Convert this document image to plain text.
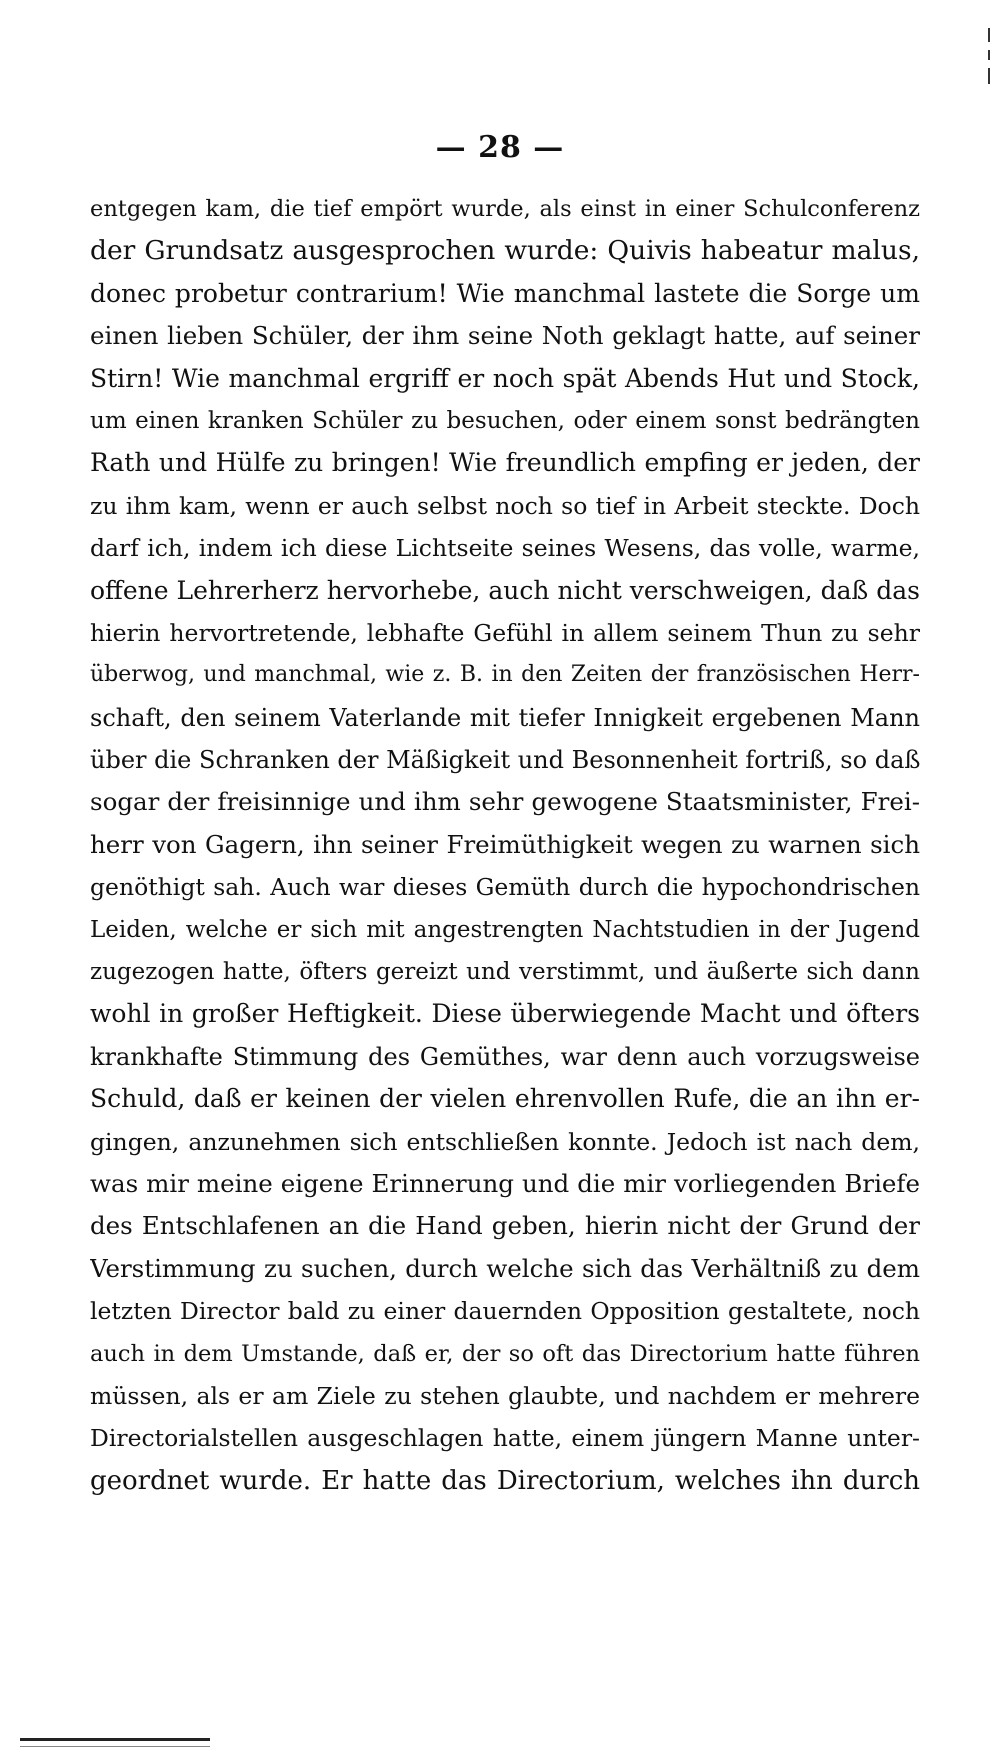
— 28 —
entgegen kam, die tief empört wurde, als einst in einer Schulconferenz
der Grundsatz ausgesprochen wurde: Quivis habeatur malus,
donec probetur contrarium! Wie manchmal lastete die Sorge um
einen lieben Schüler, der ihm seine Noth geklagt hatte, auf seiner
Stirn! Wie manchmal ergriff er noch spät Abends Hut und Stock,
um einen kranken Schüler zu besuchen, oder einem sonst bedrängten
Rath und Hülfe zu bringen! Wie freundlich empfing er jeden, der
zu ihm kam, wenn er auch selbst noch so tief in Arbeit steckte. Doch
darf ich, indem ich diese Lichtseite seines Wesens, das volle, warme,
offene Lehrerherz hervorhebe, auch nicht verschweigen, daß das
hierin hervortretende, lebhafte Gefühl in allem seinem Thun zu sehr
überwog, und manchmal, wie z. B. in den Zeiten der französischen Herr-
schaft, den seinem Vaterlande mit tiefer Innigkeit ergebenen Mann
über die Schranken der Mäßigkeit und Besonnenheit fortriß, so daß
sogar der freisinnige und ihm sehr gewogene Staatsminister, Frei-
herr von Gagern, ihn seiner Freimüthigkeit wegen zu warnen sich
genöthigt sah. Auch war dieses Gemüth durch die hypochondrischen
Leiden, welche er sich mit angestrengten Nachtstudien in der Jugend
zugezogen hatte, öfters gereizt und verstimmt, und äußerte sich dann
wohl in großer Heftigkeit. Diese überwiegende Macht und öfters
krankhafte Stimmung des Gemüthes, war denn auch vorzugsweise
Schuld, daß er keinen der vielen ehrenvollen Rufe, die an ihn er-
gingen, anzunehmen sich entschließen konnte. Jedoch ist nach dem,
was mir meine eigene Erinnerung und die mir vorliegenden Briefe
des Entschlafenen an die Hand geben, hierin nicht der Grund der
Verstimmung zu suchen, durch welche sich das Verhältniß zu dem
letzten Director bald zu einer dauernden Opposition gestaltete, noch
auch in dem Umstande, daß er, der so oft das Directorium hatte führen
müssen, als er am Ziele zu stehen glaubte, und nachdem er mehrere
Directorialstellen ausgeschlagen hatte, einem jüngern Manne unter-
geordnet wurde. Er hatte das Directorium, welches ihn durch
